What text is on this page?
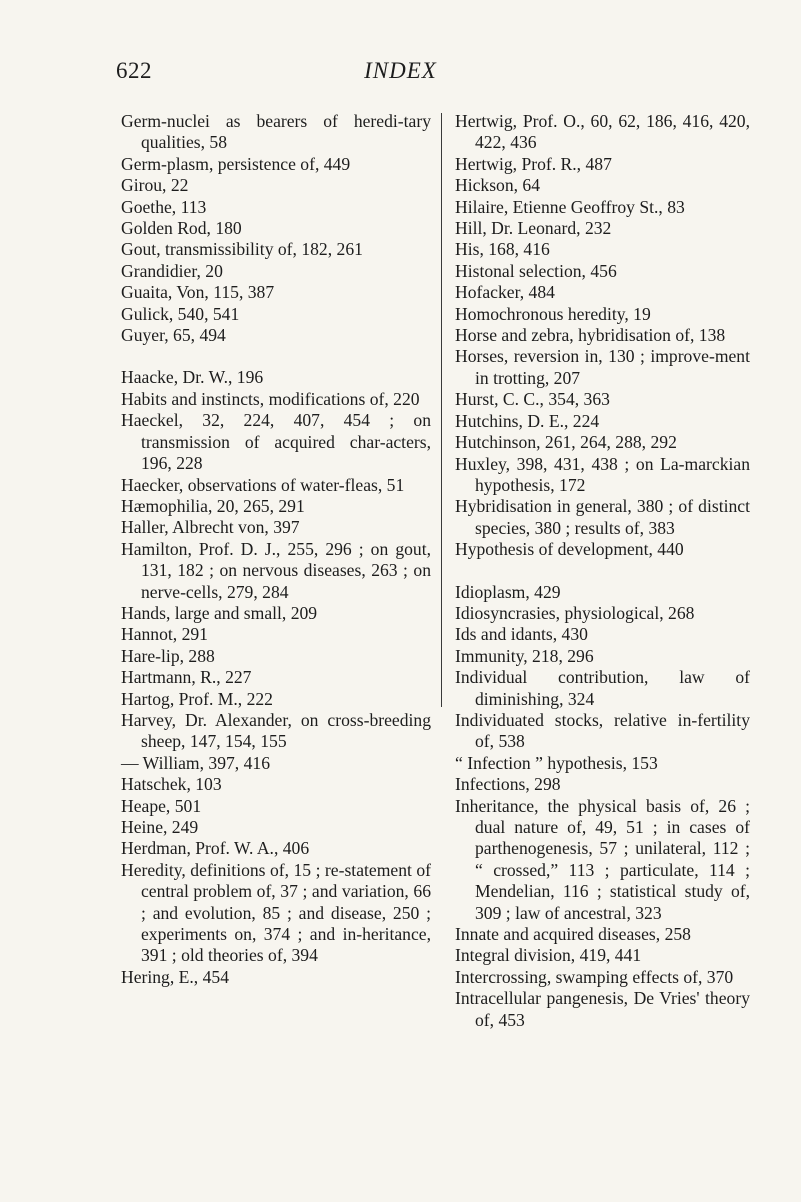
622	INDEX
Germ-nuclei as bearers of heredi-tary qualities, 58
Germ-plasm, persistence of, 449
Girou, 22
Goethe, 113
Golden Rod, 180
Gout, transmissibility of, 182, 261
Grandidier, 20
Guaita, Von, 115, 387
Gulick, 540, 541
Guyer, 65, 494
Haacke, Dr. W., 196
Habits and instincts, modifications of, 220
Haeckel, 32, 224, 407, 454 ; on transmission of acquired char-acters, 196, 228
Haecker, observations of water-fleas, 51
Hæmophilia, 20, 265, 291
Haller, Albrecht von, 397
Hamilton, Prof. D. J., 255, 296 ; on gout, 131, 182 ; on nervous diseases, 263 ; on nerve-cells, 279, 284
Hands, large and small, 209
Hannot, 291
Hare-lip, 288
Hartmann, R., 227
Hartog, Prof. M., 222
Harvey, Dr. Alexander, on cross-breeding sheep, 147, 154, 155
— William, 397, 416
Hatschek, 103
Heape, 501
Heine, 249
Herdman, Prof. W. A., 406
Heredity, definitions of, 15 ; re-statement of central problem of, 37 ; and variation, 66 ; and evolution, 85 ; and disease, 250 ; experiments on, 374 ; and in-heritance, 391 ; old theories of, 394
Hering, E., 454
Hertwig, Prof. O., 60, 62, 186, 416, 420, 422, 436
Hertwig, Prof. R., 487
Hickson, 64
Hilaire, Etienne Geoffroy St., 83
Hill, Dr. Leonard, 232
His, 168, 416
Histonal selection, 456
Hofacker, 484
Homochronous heredity, 19
Horse and zebra, hybridisation of, 138
Horses, reversion in, 130 ; improve-ment in trotting, 207
Hurst, C. C., 354, 363
Hutchins, D. E., 224
Hutchinson, 261, 264, 288, 292
Huxley, 398, 431, 438 ; on La-marckian hypothesis, 172
Hybridisation in general, 380 ; of distinct species, 380 ; results of, 383
Hypothesis of development, 440
Idioplasm, 429
Idiosyncrasies, physiological, 268
Ids and idants, 430
Immunity, 218, 296
Individual contribution, law of diminishing, 324
Individuated stocks, relative in-fertility of, 538
“ Infection ” hypothesis, 153
Infections, 298
Inheritance, the physical basis of, 26 ; dual nature of, 49, 51 ; in cases of parthenogenesis, 57 ; unilateral, 112 ; “ crossed,” 113 ; particulate, 114 ; Mendelian, 116 ; statistical study of, 309 ; law of ancestral, 323
Innate and acquired diseases, 258
Integral division, 419, 441
Intercrossing, swamping effects of, 370
Intracellular pangenesis, De Vries' theory of, 453
